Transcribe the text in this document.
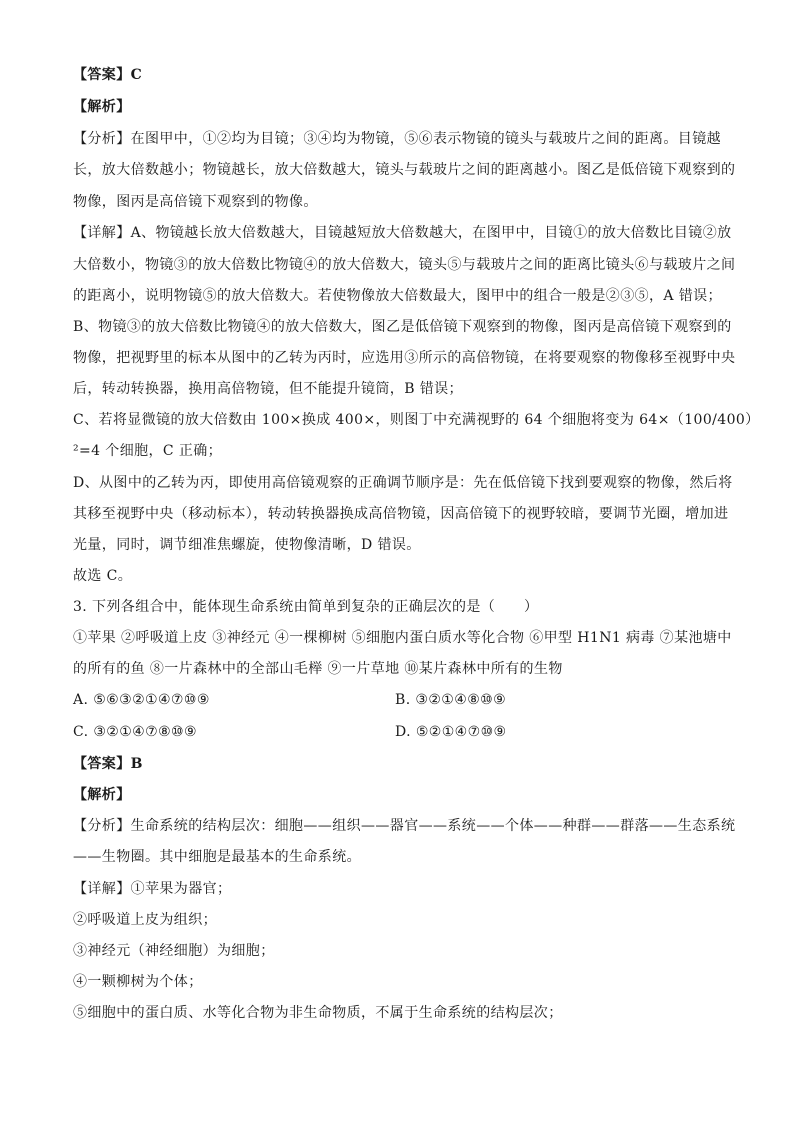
【答案】C
【解析】
【分析】在图甲中，①②均为目镜；③④均为物镜，⑤⑥表示物镜的镜头与载玻片之间的距离。目镜越
长，放大倍数越小；物镜越长，放大倍数越大，镜头与载玻片之间的距离越小。图乙是低倍镜下观察到的
物像，图丙是高倍镜下观察到的物像。
【详解】A、物镜越长放大倍数越大，目镜越短放大倍数越大，在图甲中，目镜①的放大倍数比目镜②放
大倍数小，物镜③的放大倍数比物镜④的放大倍数大，镜头⑤与载玻片之间的距离比镜头⑥与载玻片之间
的距离小，说明物镜⑤的放大倍数大。若使物像放大倍数最大，图甲中的组合一般是②③⑤，A 错误；
B、物镜③的放大倍数比物镜④的放大倍数大，图乙是低倍镜下观察到的物像，图丙是高倍镜下观察到的
物像，把视野里的标本从图中的乙转为丙时，应选用③所示的高倍物镜，在将要观察的物像移至视野中央
后，转动转换器，换用高倍物镜，但不能提升镜筒，B 错误；
C、若将显微镜的放大倍数由 100×换成 400×，则图丁中充满视野的 64 个细胞将变为 64×（100/400）
²=4 个细胞，C 正确；
D、从图中的乙转为丙，即使用高倍镜观察的正确调节顺序是：先在低倍镜下找到要观察的物像，然后将
其移至视野中央（移动标本），转动转换器换成高倍物镜，因高倍镜下的视野较暗，要调节光圈，增加进
光量，同时，调节细准焦螺旋，使物像清晰，D 错误。
故选 C。
3. 下列各组合中，能体现生命系统由简单到复杂的正确层次的是（　　）
①苹果 ②呼吸道上皮 ③神经元 ④一棵柳树 ⑤细胞内蛋白质水等化合物 ⑥甲型 H1N1 病毒 ⑦某池塘中
的所有的鱼 ⑧一片森林中的全部山毛榉 ⑨一片草地 ⑩某片森林中所有的生物
A. ⑤⑥③②①④⑦⑩⑨	B. ③②①④⑧⑩⑨
C. ③②①④⑦⑧⑩⑨	D. ⑤②①④⑦⑩⑨
【答案】B
【解析】
【分析】生命系统的结构层次：细胞——组织——器官——系统——个体——种群——群落——生态系统
——生物圈。其中细胞是最基本的生命系统。
【详解】①苹果为器官；
②呼吸道上皮为组织；
③神经元（神经细胞）为细胞；
④一颗柳树为个体；
⑤细胞中的蛋白质、水等化合物为非生命物质，不属于生命系统的结构层次；
